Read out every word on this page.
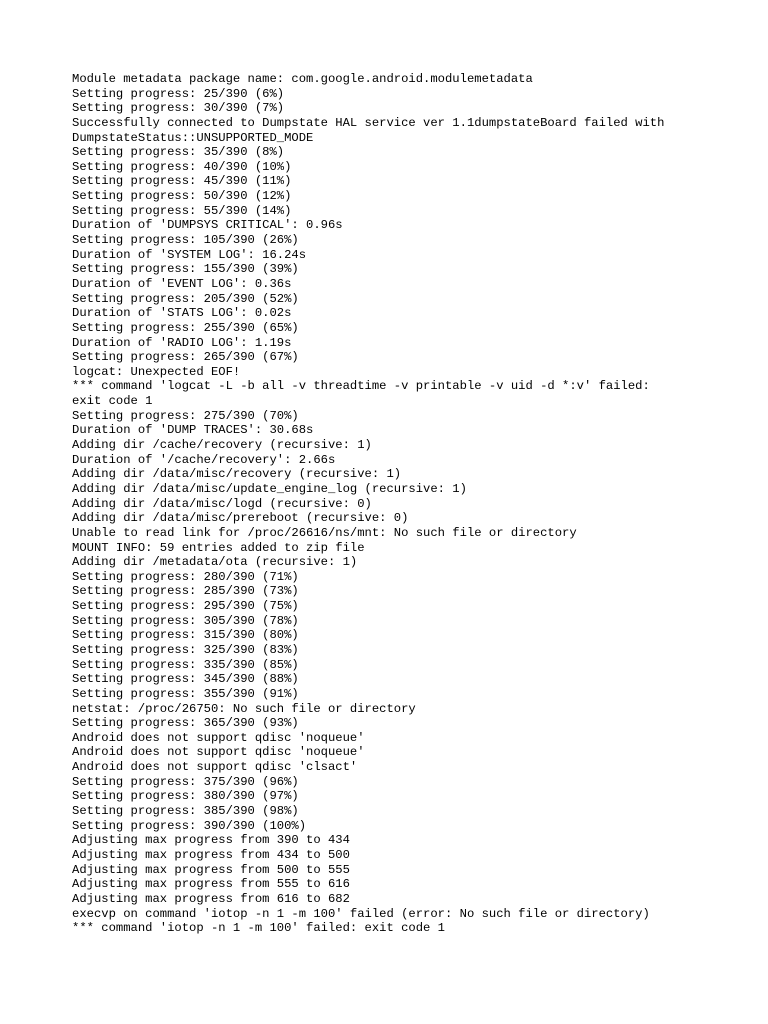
Module metadata package name: com.google.android.modulemetadata
Setting progress: 25/390 (6%)
Setting progress: 30/390 (7%)
Successfully connected to Dumpstate HAL service ver 1.1dumpstateBoard failed with
DumpstateStatus::UNSUPPORTED_MODE
Setting progress: 35/390 (8%)
Setting progress: 40/390 (10%)
Setting progress: 45/390 (11%)
Setting progress: 50/390 (12%)
Setting progress: 55/390 (14%)
Duration of 'DUMPSYS CRITICAL': 0.96s
Setting progress: 105/390 (26%)
Duration of 'SYSTEM LOG': 16.24s
Setting progress: 155/390 (39%)
Duration of 'EVENT LOG': 0.36s
Setting progress: 205/390 (52%)
Duration of 'STATS LOG': 0.02s
Setting progress: 255/390 (65%)
Duration of 'RADIO LOG': 1.19s
Setting progress: 265/390 (67%)
logcat: Unexpected EOF!
*** command 'logcat -L -b all -v threadtime -v printable -v uid -d *:v' failed:
exit code 1
Setting progress: 275/390 (70%)
Duration of 'DUMP TRACES': 30.68s
Adding dir /cache/recovery (recursive: 1)
Duration of '/cache/recovery': 2.66s
Adding dir /data/misc/recovery (recursive: 1)
Adding dir /data/misc/update_engine_log (recursive: 1)
Adding dir /data/misc/logd (recursive: 0)
Adding dir /data/misc/prereboot (recursive: 0)
Unable to read link for /proc/26616/ns/mnt: No such file or directory
MOUNT INFO: 59 entries added to zip file
Adding dir /metadata/ota (recursive: 1)
Setting progress: 280/390 (71%)
Setting progress: 285/390 (73%)
Setting progress: 295/390 (75%)
Setting progress: 305/390 (78%)
Setting progress: 315/390 (80%)
Setting progress: 325/390 (83%)
Setting progress: 335/390 (85%)
Setting progress: 345/390 (88%)
Setting progress: 355/390 (91%)
netstat: /proc/26750: No such file or directory
Setting progress: 365/390 (93%)
Android does not support qdisc 'noqueue'
Android does not support qdisc 'noqueue'
Android does not support qdisc 'clsact'
Setting progress: 375/390 (96%)
Setting progress: 380/390 (97%)
Setting progress: 385/390 (98%)
Setting progress: 390/390 (100%)
Adjusting max progress from 390 to 434
Adjusting max progress from 434 to 500
Adjusting max progress from 500 to 555
Adjusting max progress from 555 to 616
Adjusting max progress from 616 to 682
execvp on command 'iotop -n 1 -m 100' failed (error: No such file or directory)
*** command 'iotop -n 1 -m 100' failed: exit code 1
